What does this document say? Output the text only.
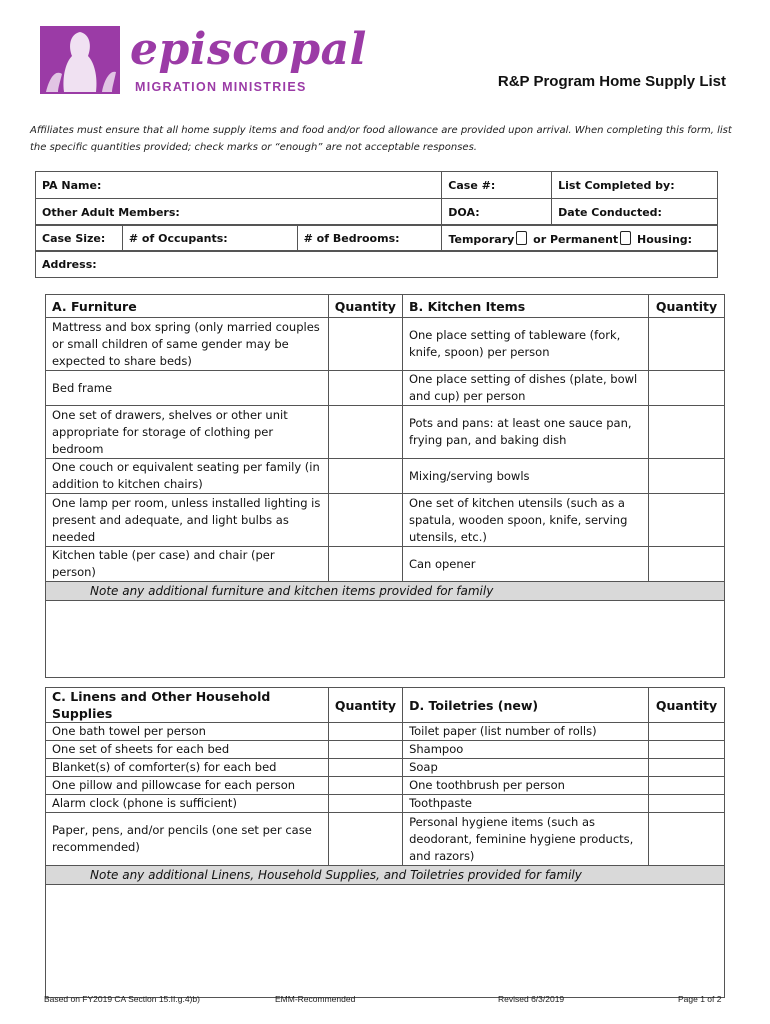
episcopal
MIGRATION MINISTRIES	R&P Program Home Supply List
Affiliates must ensure that all home supply items and food and/or food allowance are provided upon arrival. When completing this form, list the specific quantities provided; check marks or “enough” are not acceptable responses.
PA Name:	Case #:	List Completed by:
Other Adult Members:	DOA:	Date Conducted:
Case Size:	# of Occupants:	# of Bedrooms:	Temporary or Permanent Housing:
Address:
A. Furniture	Quantity	B. Kitchen Items	Quantity
Mattress and box spring (only married couples or small children of same gender may be expected to share beds)		One place setting of tableware (fork, knife, spoon) per person	
Bed frame		One place setting of dishes (plate, bowl and cup) per person	
One set of drawers, shelves or other unit appropriate for storage of clothing per bedroom		Pots and pans: at least one sauce pan, frying pan, and baking dish	
One couch or equivalent seating per family (in addition to kitchen chairs)		Mixing/serving bowls	
One lamp per room, unless installed lighting is present and adequate, and light bulbs as needed		One set of kitchen utensils (such as a spatula, wooden spoon, knife, serving utensils, etc.)	
Kitchen table (per case) and chair (per person)		Can opener	
Note any additional furniture and kitchen items provided for family			

C. Linens and Other Household Supplies	Quantity	D. Toiletries (new)	Quantity
One bath towel per person		Toilet paper (list number of rolls)	
One set of sheets for each bed		Shampoo	
Blanket(s) of comforter(s) for each bed		Soap	
One pillow and pillowcase for each person		One toothbrush per person	
Alarm clock (phone is sufficient)		Toothpaste	
Paper, pens, and/or pencils (one set per case recommended)		Personal hygiene items (such as deodorant, feminine hygiene products, and razors)	
Note any additional Linens, Household Supplies, and Toiletries provided for family			

Based on FY2019 CA Section 15.II.g.4)b)	EMM-Recommended	Revised 6/3/2019	Page 1 of 2
